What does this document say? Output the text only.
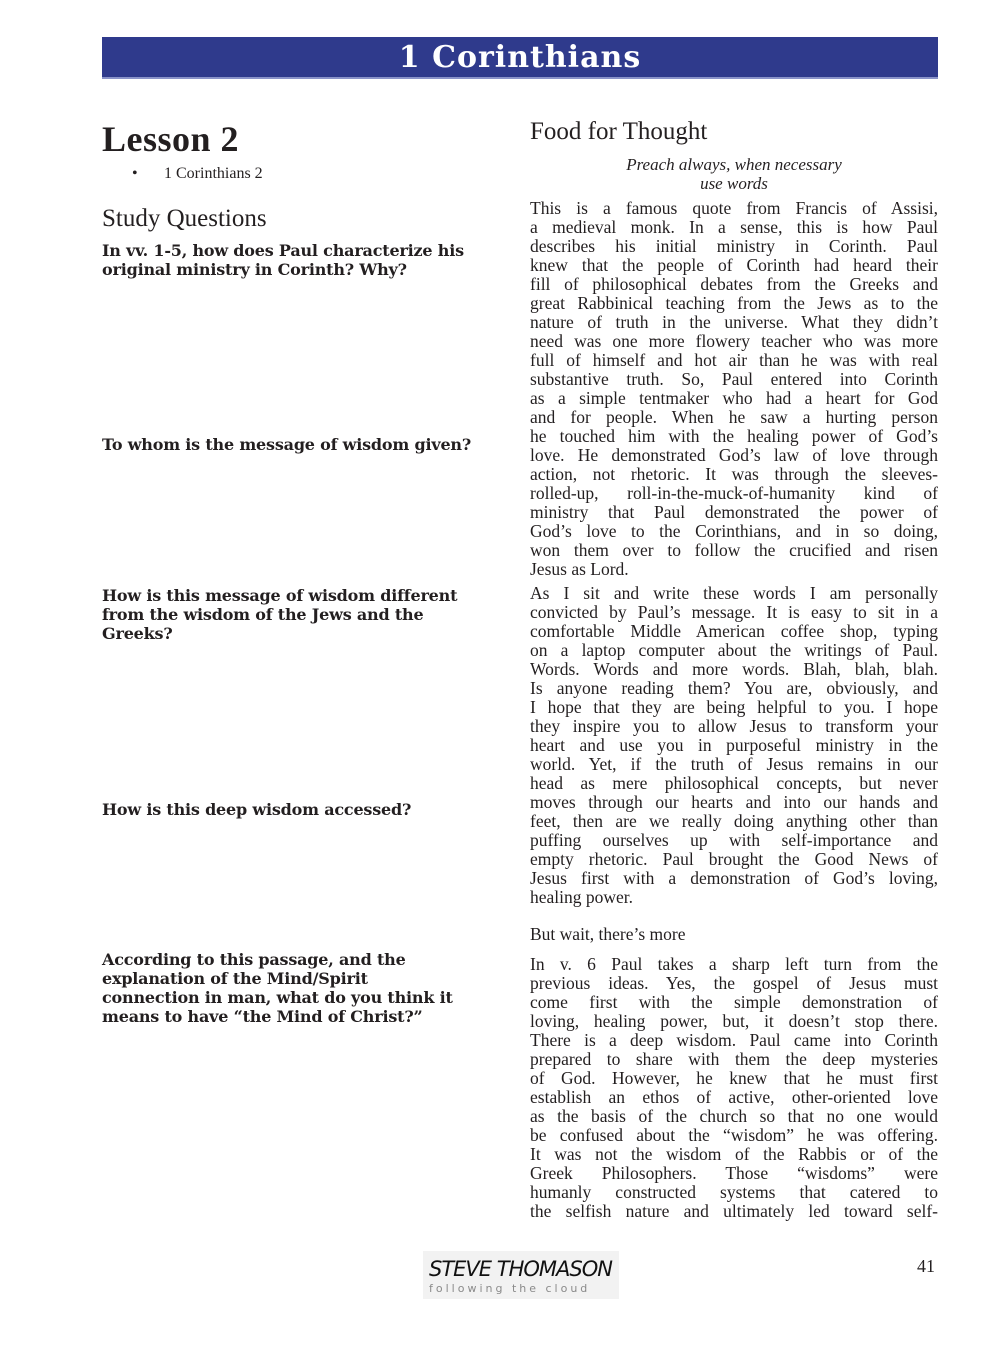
1 Corinthians
Lesson 2
•	1 Corinthians 2
Study Questions
In vv. 1-5, how does Paul characterize his
original ministry in Corinth? Why?
To whom is the message of wisdom given?
How is this message of wisdom different
from the wisdom of the Jews and the
Greeks?
How is this deep wisdom accessed?
According to this passage, and the
explanation of the Mind/Spirit
connection in man, what do you think it
means to have “the Mind of Christ?”
Food for Thought
Preach always, when necessary
use words
This is a famous quote from Francis of Assisi,
a medieval monk. In a sense, this is how Paul
describes his initial ministry in Corinth. Paul
knew that the people of Corinth had heard their
fill of philosophical debates from the Greeks and
great Rabbinical teaching from the Jews as to the
nature of truth in the universe. What they didn’t
need was one more flowery teacher who was more
full of himself and hot air than he was with real
substantive truth. So, Paul entered into Corinth
as a simple tentmaker who had a heart for God
and for people. When he saw a hurting person
he touched him with the healing power of God’s
love. He demonstrated God’s law of love through
action, not rhetoric. It was through the sleeves-
rolled-up, roll-in-the-muck-of-humanity kind of
ministry that Paul demonstrated the power of
God’s love to the Corinthians, and in so doing,
won them over to follow the crucified and risen
Jesus as Lord.
As I sit and write these words I am personally
convicted by Paul’s message. It is easy to sit in a
comfortable Middle American coffee shop, typing
on a laptop computer about the writings of Paul.
Words. Words and more words. Blah, blah, blah.
Is anyone reading them? You are, obviously, and
I hope that they are being helpful to you. I hope
they inspire you to allow Jesus to transform your
heart and use you in purposeful ministry in the
world. Yet, if the truth of Jesus remains in our
head as mere philosophical concepts, but never
moves through our hearts and into our hands and
feet, then are we really doing anything other than
puffing ourselves up with self-importance and
empty rhetoric. Paul brought the Good News of
Jesus first with a demonstration of God’s loving,
healing power.
But wait, there’s more
In v. 6 Paul takes a sharp left turn from the
previous ideas. Yes, the gospel of Jesus must
come first with the simple demonstration of
loving, healing power, but, it doesn’t stop there.
There is a deep wisdom. Paul came into Corinth
prepared to share with them the deep mysteries
of God. However, he knew that he must first
establish an ethos of active, other-oriented love
as the basis of the church so that no one would
be confused about the “wisdom” he was offering.
It was not the wisdom of the Rabbis or of the
Greek Philosophers. Those “wisdoms” were
humanly constructed systems that catered to
the selfish nature and ultimately led toward self-
STEVE THOMASON
following the cloud
41
